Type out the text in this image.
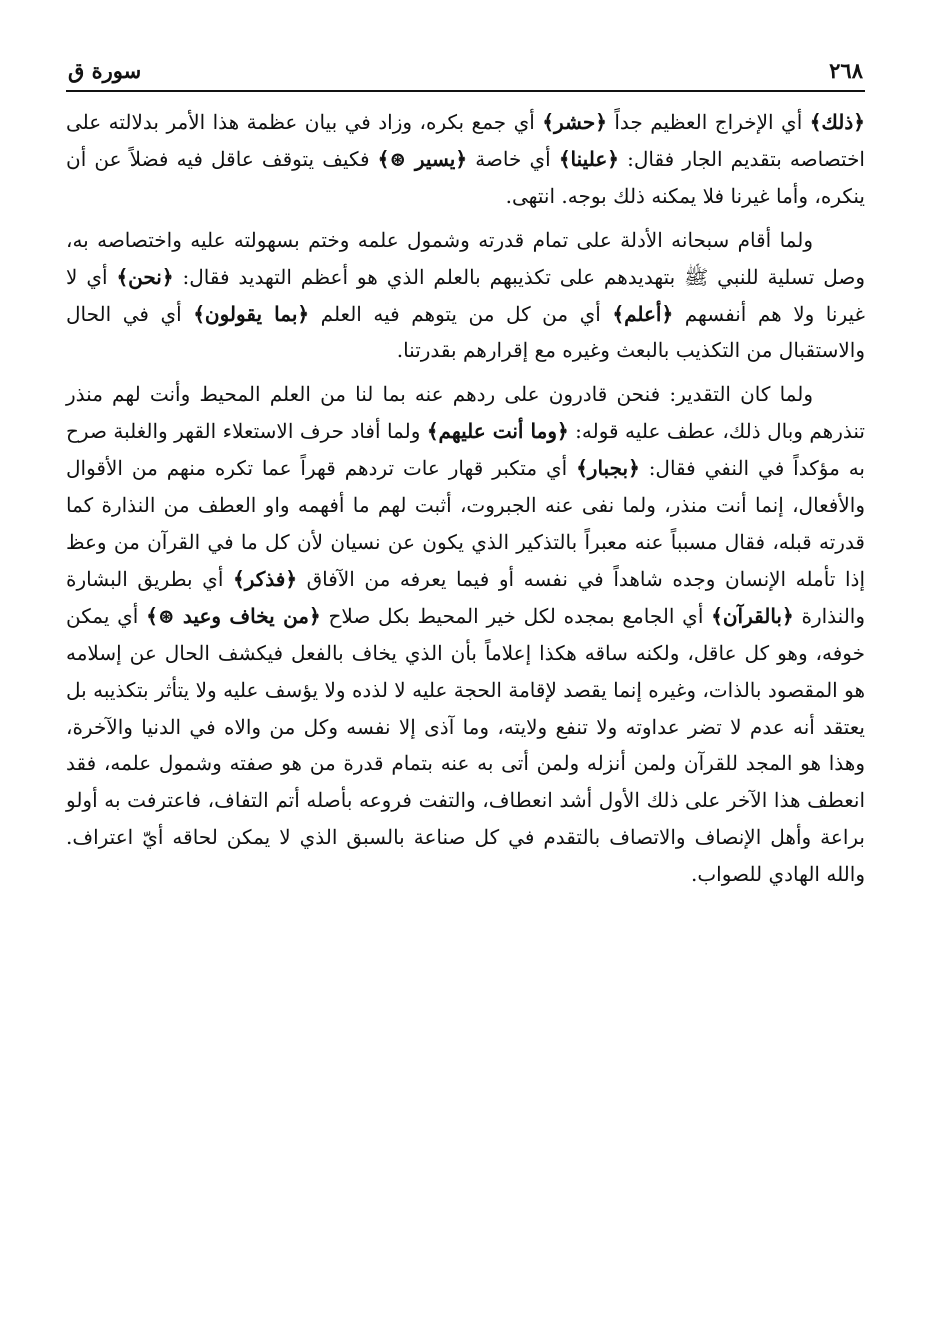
٢٦٨
سورة ق

﴿ ذلك ﴾ أي الإخراج العظيم جداً ﴿ حشر ﴾ أي جمع بكره، وزاد في بيان عظمة هذا الأمر بدلالته على اختصاصه بتقديم الجار فقال: ﴿ علينا ﴾ أي خاصة ﴿ يسير ⊛ ﴾ فكيف يتوقف عاقل فيه فضلاً عن أن ينكره، وأما غيرنا فلا يمكنه ذلك بوجه. انتهى.

ولما أقام سبحانه الأدلة على تمام قدرته وشمول علمه وختم بسهولته عليه واختصاصه به، وصل تسلية للنبي ﷺ بتهديدهم على تكذيبهم بالعلم الذي هو أعظم التهديد فقال: ﴿ نحن ﴾ أي لا غيرنا ولا هم أنفسهم ﴿ أعلم ﴾ أي من كل من يتوهم فيه العلم ﴿ بما يقولون ﴾ أي في الحال والاستقبال من التكذيب بالبعث وغيره مع إقرارهم بقدرتنا.

ولما كان التقدير: فنحن قادرون على ردهم عنه بما لنا من العلم المحيط وأنت لهم منذر تنذرهم وبال ذلك، عطف عليه قوله: ﴿ وما أنت عليهم ﴾ ولما أفاد حرف الاستعلاء القهر والغلبة صرح به مؤكداً في النفي فقال: ﴿ بجبار ﴾ أي متكبر قهار عات تردهم قهراً عما تكره منهم من الأقوال والأفعال، إنما أنت منذر، ولما نفى عنه الجبروت، أثبت لهم ما أفهمه واو العطف من النذارة كما قدرته قبله، فقال مسبباً عنه معبراً بالتذكير الذي يكون عن نسيان لأن كل ما في القرآن من وعظ إذا تأمله الإنسان وجده شاهداً في نفسه أو فيما يعرفه من الآفاق ﴿ فذكر ﴾ أي بطريق البشارة والنذارة ﴿ بالقرآن ﴾ أي الجامع بمجده لكل خير المحيط بكل صلاح ﴿ من يخاف وعيد ⊛ ﴾ أي يمكن خوفه، وهو كل عاقل، ولكنه ساقه هكذا إعلاماً بأن الذي يخاف بالفعل فيكشف الحال عن إسلامه هو المقصود بالذات، وغيره إنما يقصد لإقامة الحجة عليه لا لذده ولا يؤسف عليه ولا يتأثر بتكذيبه بل يعتقد أنه عدم لا تضر عداوته ولا تنفع ولايته، وما آذى إلا نفسه وكل من والاه في الدنيا والآخرة، وهذا هو المجد للقرآن ولمن أنزله ولمن أتى به عنه بتمام قدرة من هو صفته وشمول علمه، فقد انعطف هذا الآخر على ذلك الأول أشد انعطاف، والتفت فروعه بأصله أتم التفاف، فاعترفت به أولو براعة وأهل الإنصاف والاتصاف بالتقدم في كل صناعة بالسبق الذي لا يمكن لحاقه أيّ اعتراف. والله الهادي للصواب.
